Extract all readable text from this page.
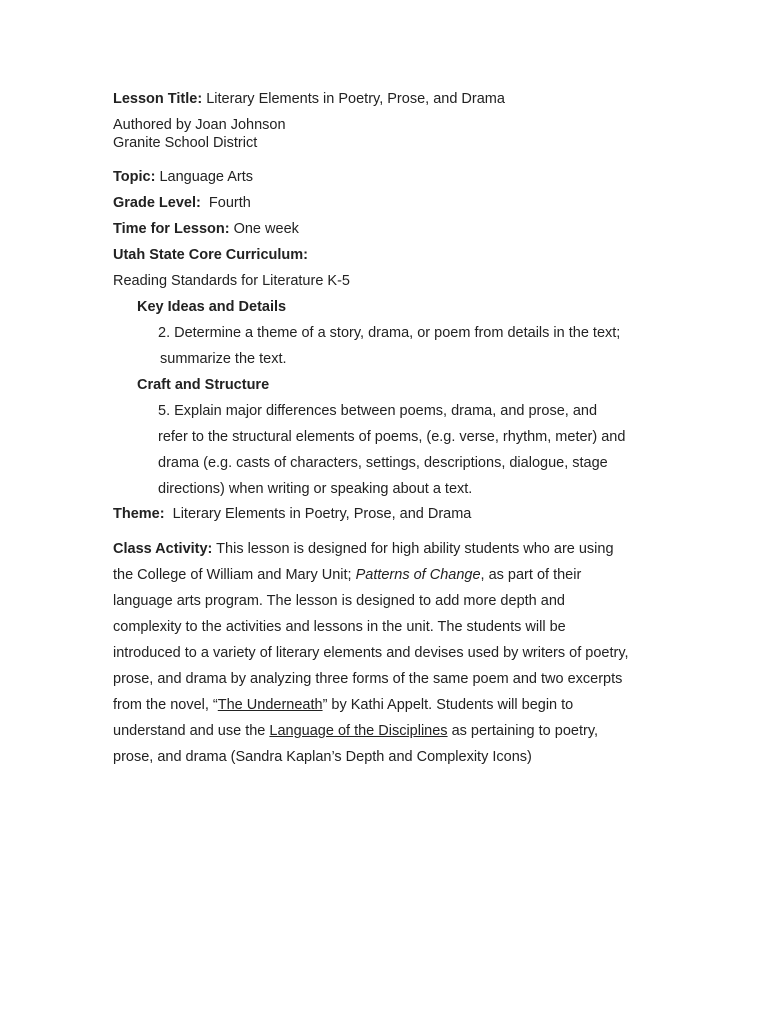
Lesson Title: Literary Elements in Poetry, Prose, and Drama
Authored by Joan Johnson
Granite School District
Topic: Language Arts
Grade Level: Fourth
Time for Lesson: One week
Utah State Core Curriculum:
Reading Standards for Literature K-5
Key Ideas and Details
2. Determine a theme of a story, drama, or poem from details in the text;
summarize the text.
Craft and Structure
5. Explain major differences between poems, drama, and prose, and
refer to the structural elements of poems, (e.g. verse, rhythm, meter) and
drama (e.g. casts of characters, settings, descriptions, dialogue, stage
directions) when writing or speaking about a text.
Theme: Literary Elements in Poetry, Prose, and Drama
Class Activity: This lesson is designed for high ability students who are using
the College of William and Mary Unit; Patterns of Change, as part of their
language arts program. The lesson is designed to add more depth and
complexity to the activities and lessons in the unit. The students will be
introduced to a variety of literary elements and devises used by writers of poetry,
prose, and drama by analyzing three forms of the same poem and two excerpts
from the novel, “The Underneath” by Kathi Appelt. Students will begin to
understand and use the Language of the Disciplines as pertaining to poetry,
prose, and drama (Sandra Kaplan’s Depth and Complexity Icons)
